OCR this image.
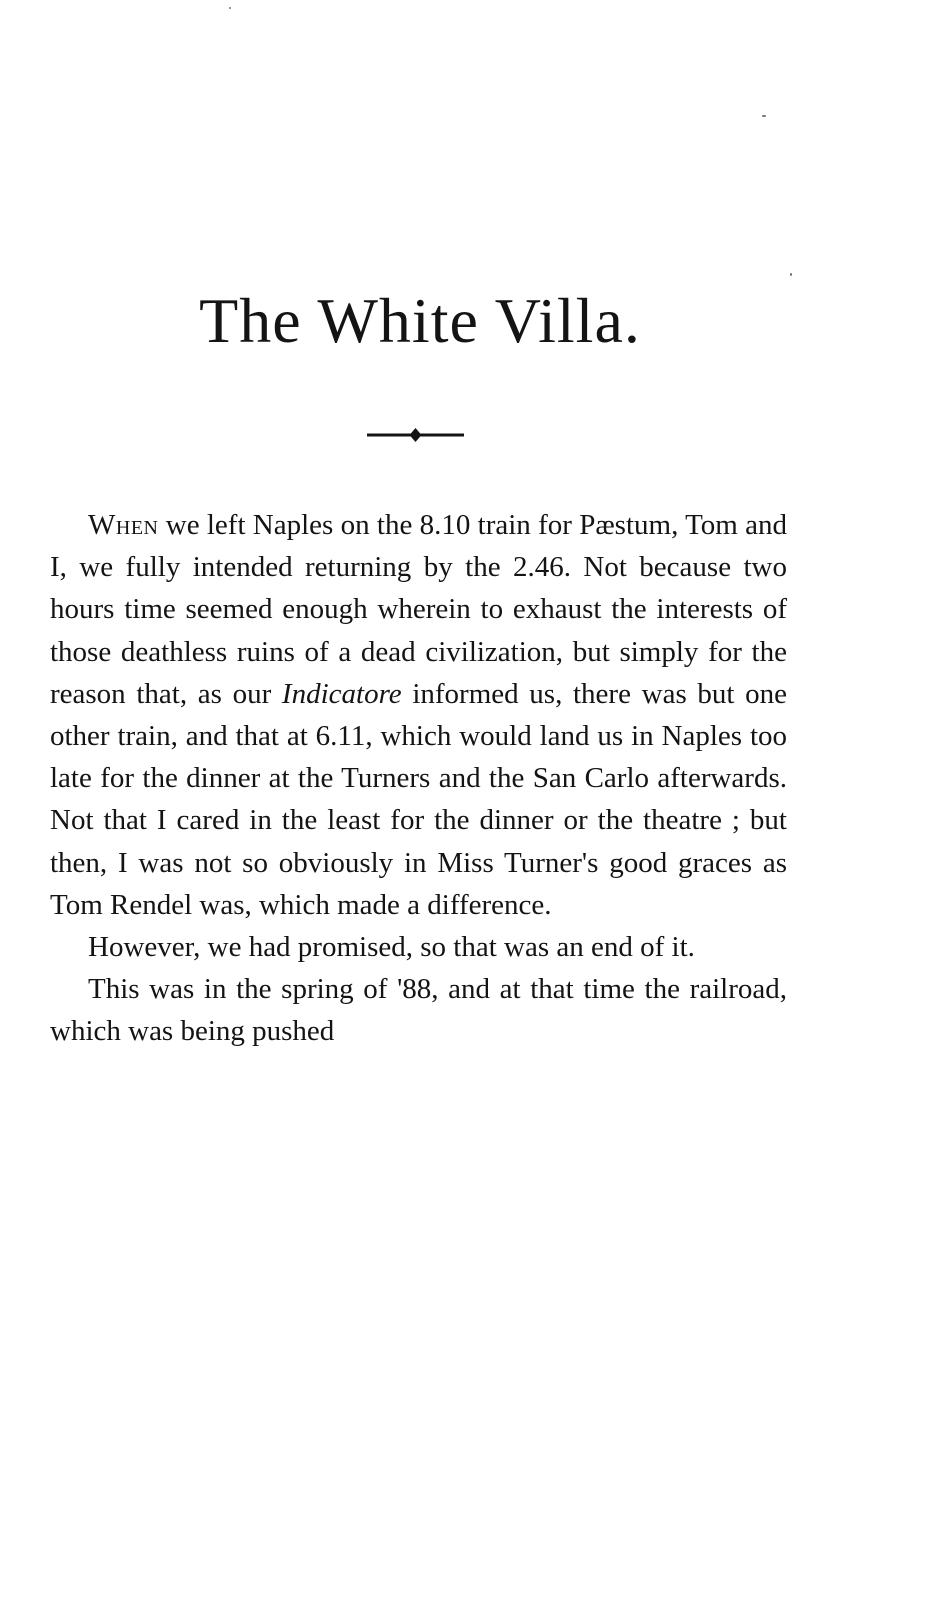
The White Villa.

When we left Naples on the 8.10 train for Pæstum, Tom and I, we fully intended returning by the 2.46. Not because two hours time seemed enough wherein to exhaust the interests of those deathless ruins of a dead civilization, but simply for the reason that, as our Indicatore informed us, there was but one other train, and that at 6.11, which would land us in Naples too late for the dinner at the Turners and the San Carlo afterwards. Not that I cared in the least for the dinner or the theatre ; but then, I was not so obviously in Miss Turner's good graces as Tom Rendel was, which made a difference.

However, we had promised, so that was an end of it.

This was in the spring of '88, and at that time the railroad, which was being pushed
